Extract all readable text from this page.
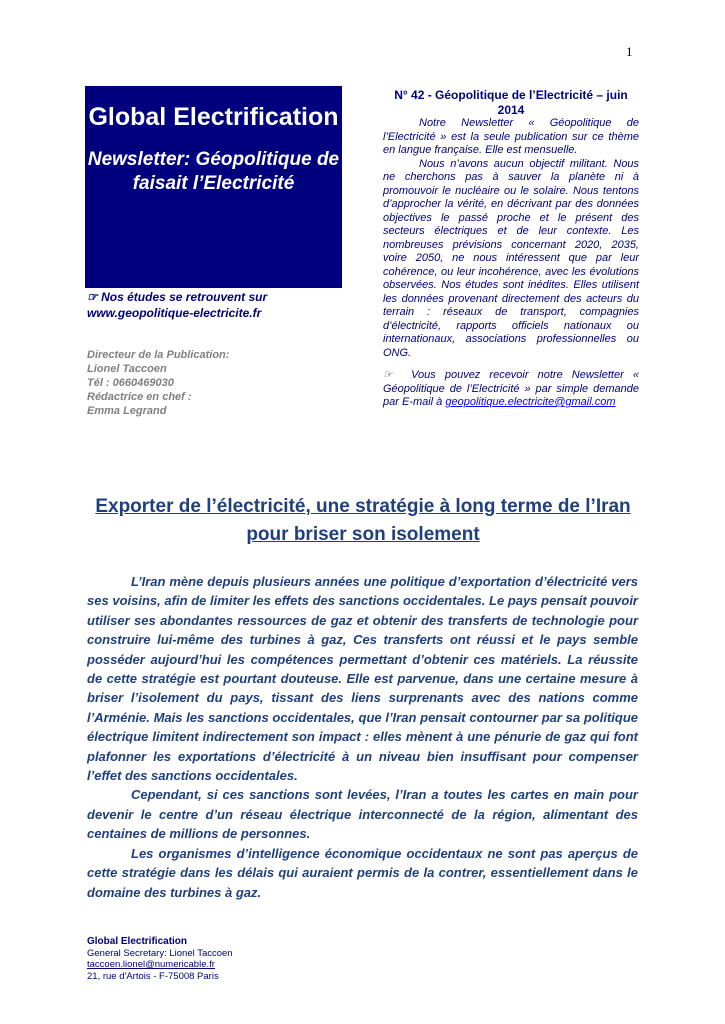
1
Global Electrification
Newsletter: Géopolitique de faisait l’Electricité
☞ Nos études se retrouvent sur www.geopolitique-electricite.fr
Directeur de la Publication:
Lionel Taccoen
Tél : 0660469030
Rédactrice en chef :
Emma Legrand
N° 42 - Géopolitique de l’Electricité – juin 2014

Notre Newsletter « Géopolitique de l’Electricité » est la seule publication sur ce thème en langue française. Elle est mensuelle.

Nous n’avons aucun objectif militant. Nous ne cherchons pas à sauver la planète ni à promouvoir le nucléaire ou le solaire. Nous tentons d’approcher la vérité, en décrivant par des données objectives le passé proche et le présent des secteurs électriques et de leur contexte. Les nombreuses prévisions concernant 2020, 2035, voire 2050, ne nous intéressent que par leur cohérence, ou leur incohérence, avec les évolutions observées. Nos études sont inédites. Elles utilisent les données provenant directement des acteurs du terrain : réseaux de transport, compagnies d’électricité, rapports officiels nationaux ou internationaux, associations professionnelles ou ONG.

☞ Vous pouvez recevoir notre Newsletter « Géopolitique de l’Electricité » par simple demande par E-mail à geopolitique.electricite@gmail.com

Exporter de l’électricité, une stratégie à long terme de l’Iran pour briser son isolement

L’Iran mène depuis plusieurs années une politique d’exportation d’électricité vers ses voisins, afin de limiter les effets des sanctions occidentales. Le pays pensait pouvoir utiliser ses abondantes ressources de gaz et obtenir des transferts de technologie pour construire lui-même des turbines à gaz, Ces transferts ont réussi et le pays semble posséder aujourd’hui les compétences permettant d’obtenir ces matériels. La réussite de cette stratégie est pourtant douteuse. Elle est parvenue, dans une certaine mesure à briser l’isolement du pays, tissant des liens surprenants avec des nations comme l’Arménie. Mais les sanctions occidentales, que l’Iran pensait contourner par sa politique électrique limitent indirectement son impact : elles mènent à une pénurie de gaz qui font plafonner les exportations d’électricité à un niveau bien insuffisant pour compenser l’effet des sanctions occidentales.

Cependant, si ces sanctions sont levées, l’Iran a toutes les cartes en main pour devenir le centre d’un réseau électrique interconnecté de la région, alimentant des centaines de millions de personnes.

Les organismes d’intelligence économique occidentaux ne sont pas aperçus de cette stratégie dans les délais qui auraient permis de la contrer, essentiellement dans le domaine des turbines à gaz.

Global Electrification
General Secretary: Lionel Taccoen
taccoen.lionel@numericable.fr
21, rue d'Artois - F-75008 Paris
